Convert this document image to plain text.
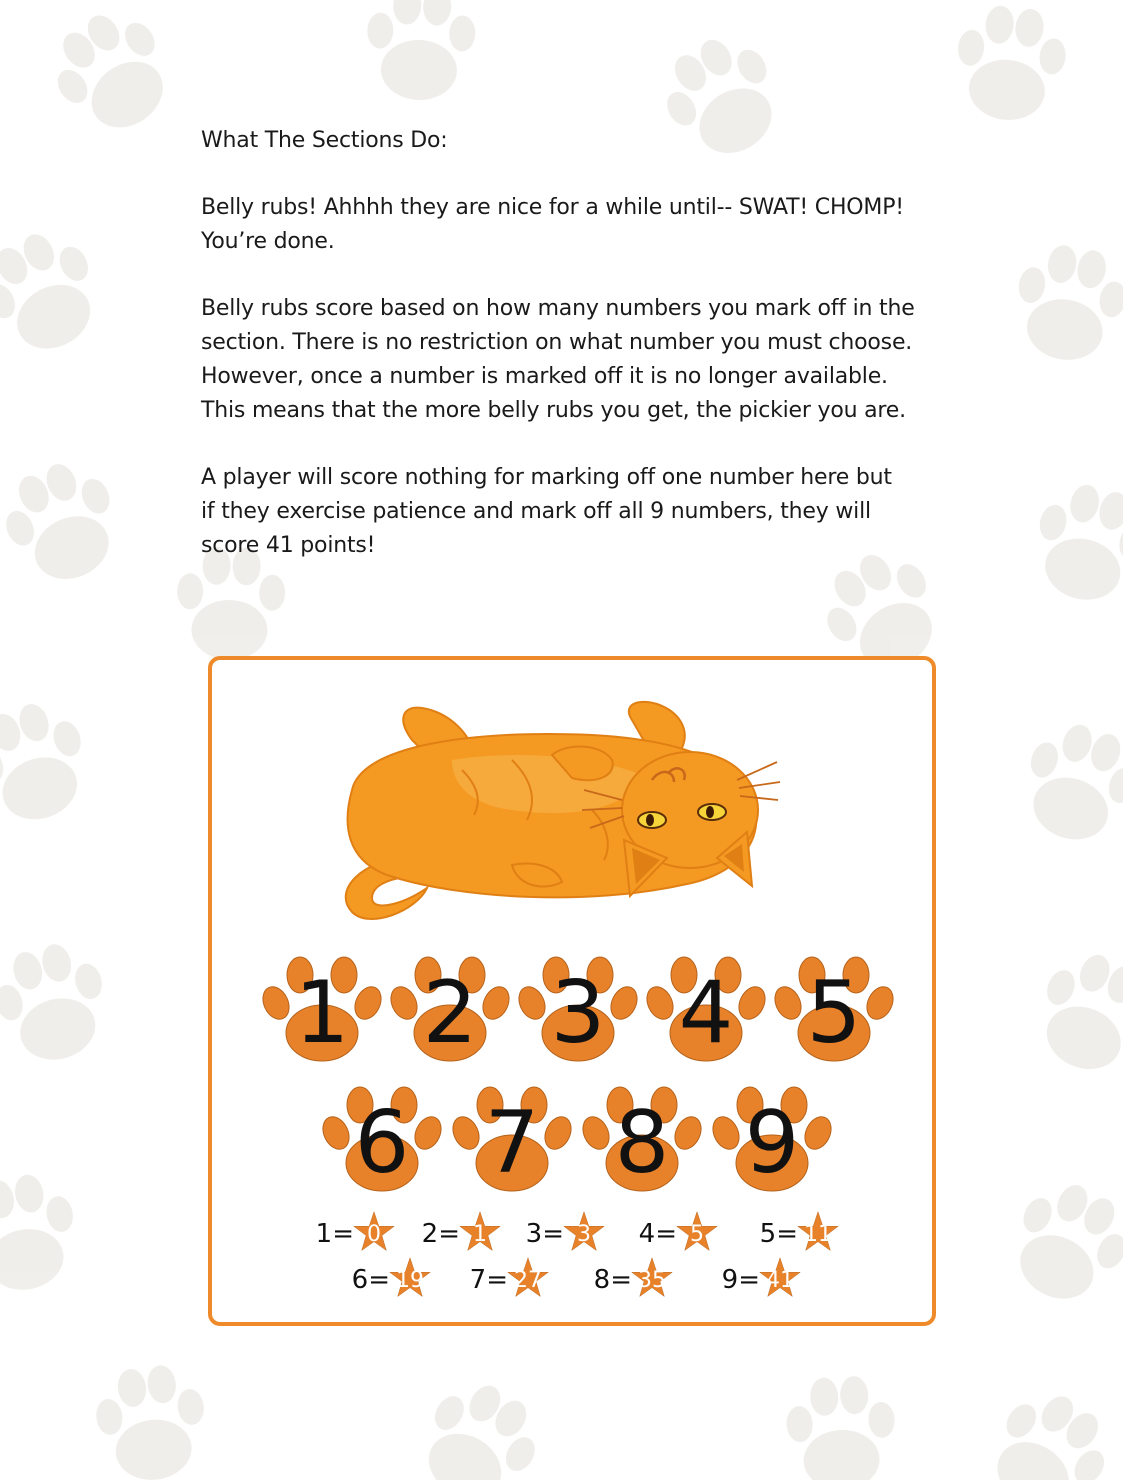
What The Sections Do:

Belly rubs! Ahhhh they are nice for a while until-- SWAT! CHOMP!
You’re done.

Belly rubs score based on how many numbers you mark off in the
section. There is no restriction on what number you must choose.
However, once a number is marked off it is no longer available.
This means that the more belly rubs you get, the pickier you are.

A player will score nothing for marking off one number here but
if they exercise patience and mark off all 9 numbers, they will
score 41 points!

1 2 3 4 5
6 7 8 9
1= 0 2= 1 3= 3 4= 5 5= 11
6= 19 7= 27 8= 35 9= 41
